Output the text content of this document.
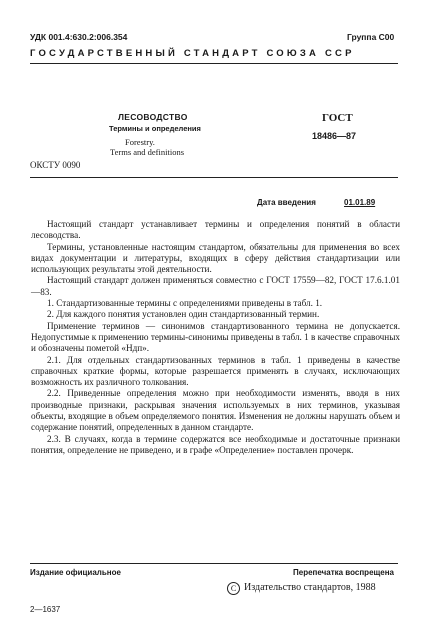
УДК 001.4:630.2:006.354	Группа С00
ГОСУДАРСТВЕННЫЙ СТАНДАРТ СОЮЗА ССР
ЛЕСОВОДСТВО
Термины и определения
Forestry.
Terms and definitions
ГОСТ
18486—87
ОКСТУ 0090
Дата введения	01.01.89

Настоящий стандарт устанавливает термины и определения понятий в области лесоводства.

Термины, установленные настоящим стандартом, обязательны для применения во всех видах документации и литературы, входящих в сферу действия стандартизации или использующих результаты этой деятельности.

Настоящий стандарт должен применяться совместно с ГОСТ 17559—82, ГОСТ 17.6.1.01—83.

1. Стандартизованные термины с определениями приведены в табл. 1.

2. Для каждого понятия установлен один стандартизованный термин.

Применение терминов — синонимов стандартизованного термина не допускается. Недопустимые к применению термины-синонимы приведены в табл. 1 в качестве справочных и обозначены пометой «Ндп».

2.1. Для отдельных стандартизованных терминов в табл. 1 приведены в качестве справочных краткие формы, которые разрешается применять в случаях, исключающих возможность их различного толкования.

2.2. Приведенные определения можно при необходимости изменять, вводя в них производные признаки, раскрывая значения используемых в них терминов, указывая объекты, входящие в объем определяемого понятия. Изменения не должны нарушать объем и содержание понятий, определенных в данном стандарте.

2.3. В случаях, когда в термине содержатся все необходимые и достаточные признаки понятия, определение не приведено, и в графе «Определение» поставлен прочерк.

Издание официальное	Перепечатка воспрещена
С Издательство стандартов, 1988
2—1637
